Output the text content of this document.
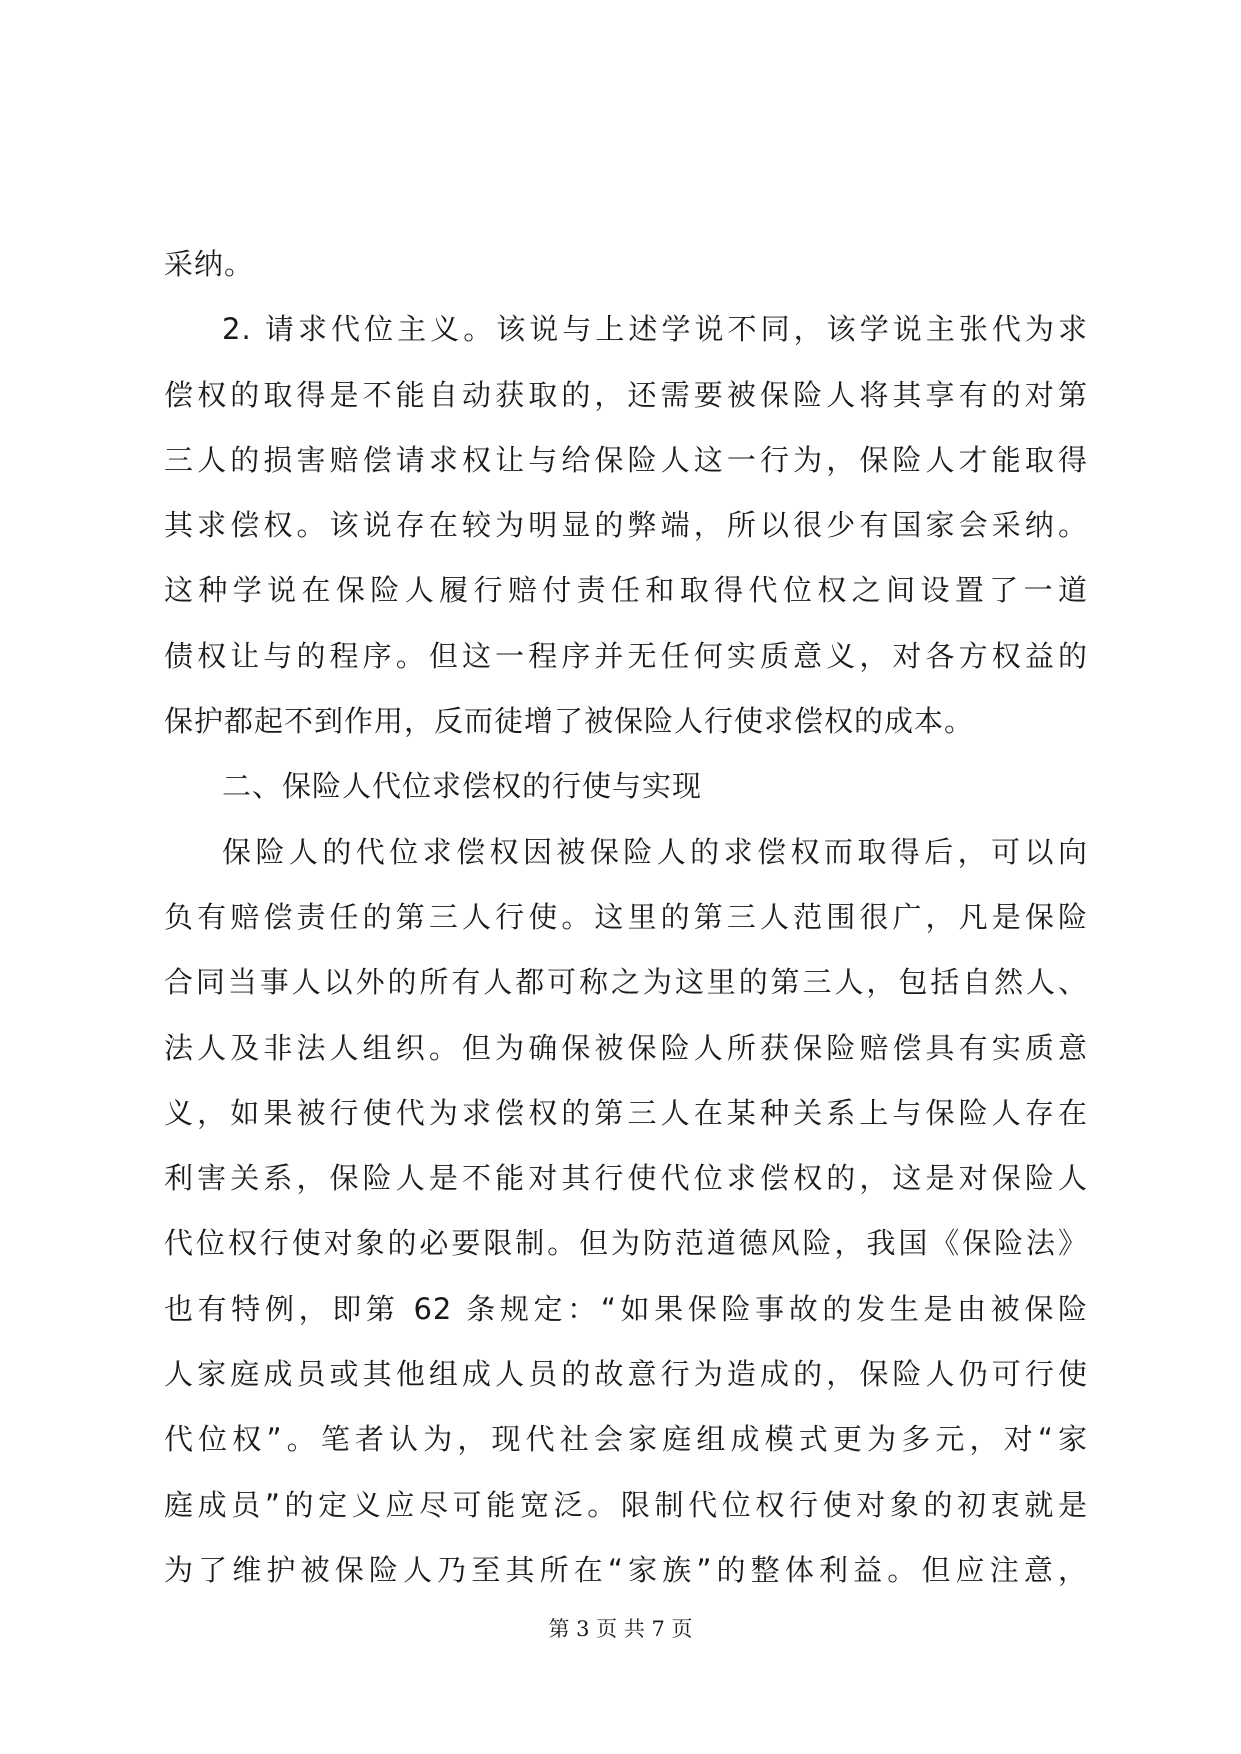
采纳。
2. 请求代位主义。该说与上述学说不同，该学说主张代为求
偿权的取得是不能自动获取的，还需要被保险人将其享有的对第
三人的损害赔偿请求权让与给保险人这一行为，保险人才能取得
其求偿权。该说存在较为明显的弊端，所以很少有国家会采纳。
这种学说在保险人履行赔付责任和取得代位权之间设置了一道
债权让与的程序。但这一程序并无任何实质意义，对各方权益的
保护都起不到作用，反而徒增了被保险人行使求偿权的成本。
二、保险人代位求偿权的行使与实现
保险人的代位求偿权因被保险人的求偿权而取得后，可以向
负有赔偿责任的第三人行使。这里的第三人范围很广，凡是保险
合同当事人以外的所有人都可称之为这里的第三人，包括自然人、
法人及非法人组织。但为确保被保险人所获保险赔偿具有实质意
义，如果被行使代为求偿权的第三人在某种关系上与保险人存在
利害关系，保险人是不能对其行使代位求偿权的，这是对保险人
代位权行使对象的必要限制。但为防范道德风险，我国《保险法》
也有特例，即第 62 条规定：“如果保险事故的发生是由被保险
人家庭成员或其他组成人员的故意行为造成的，保险人仍可行使
代位权”。笔者认为，现代社会家庭组成模式更为多元，对“家
庭成员”的定义应尽可能宽泛。限制代位权行使对象的初衷就是
为了维护被保险人乃至其所在“家族”的整体利益。但应注意，
第 3 页 共 7 页
